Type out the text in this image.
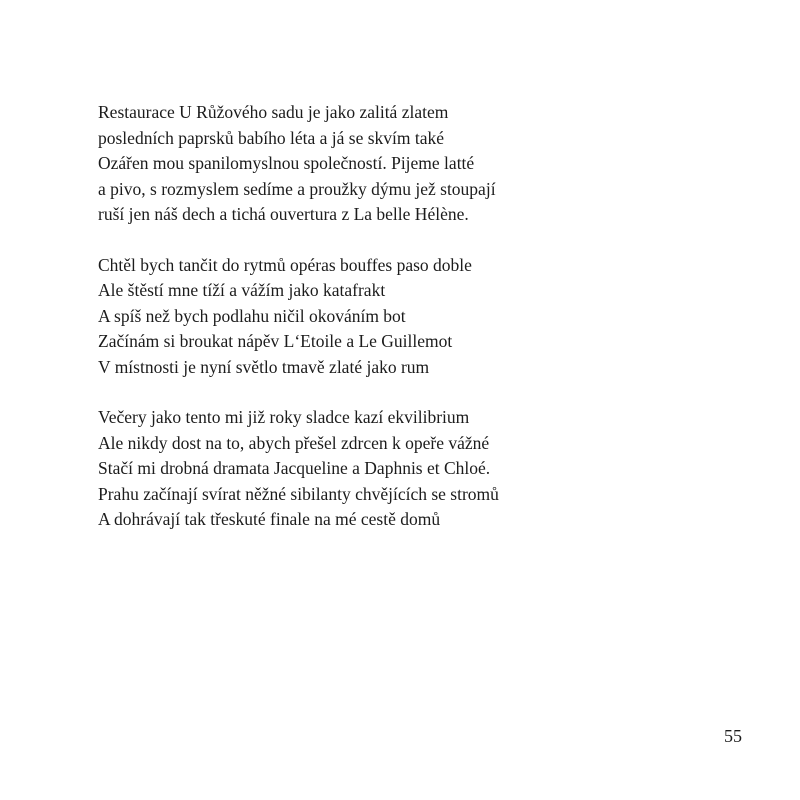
Restaurace U Růžového sadu je jako zalitá zlatem
posledních paprsků babího léta a já se skvím také
Ozářen mou spanilomyslnou společností. Pijeme latté
a pivo, s rozmyslem sedíme a proužky dýmu jež stoupají
ruší jen náš dech a tichá ouvertura z La belle Hélène.
Chtěl bych tančit do rytmů opéras bouffes paso doble
Ale štěstí mne tíží a vážím jako katafrakt
A spíš než bych podlahu ničil okováním bot
Začínám si broukat nápěv L‘Etoile a Le Guillemot
V místnosti je nyní světlo tmavě zlaté jako rum
Večery jako tento mi již roky sladce kazí ekvilibrium
Ale nikdy dost na to, abych přešel zdrcen k opeře vážné
Stačí mi drobná dramata Jacqueline a Daphnis et Chloé.
Prahu začínají svírat něžné sibilanty chvějících se stromů
A dohrávají tak třeskuté finale na mé cestě domů
55
